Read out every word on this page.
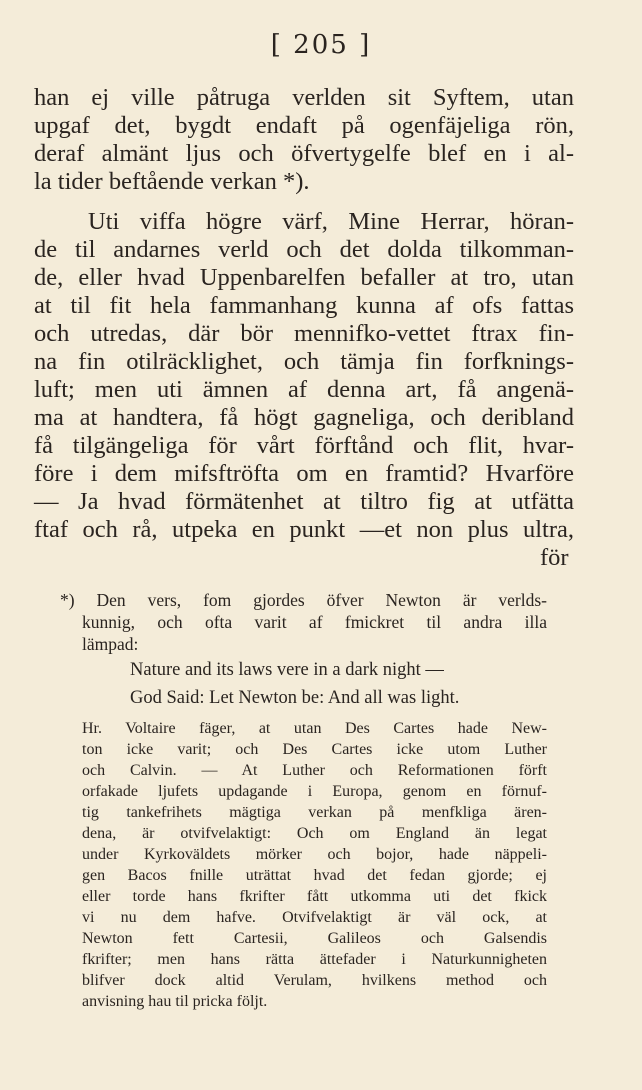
[ 205 ]

han ej ville påtruga verlden sit Syftem, utan

upgaf det, bygdt endaft på ogenfäjeliga rön,

deraf almänt ljus och öfvertygelfe blef en i al-

la tider beftående verkan *).

Uti viffa högre värf, Mine Herrar, höran-

de til andarnes verld och det dolda tilkomman-

de, eller hvad Uppenbarelfen befaller at tro, utan

at til fit hela fammanhang kunna af ofs fattas

och utredas, där bör mennifko-vettet ftrax fin-

na fin otilräcklighet, och tämja fin forfknings-

luft; men uti ämnen af denna art, få angenä-

ma at handtera, få högt gagneliga, och deribland

få tilgängeliga för vårt förftånd och flit, hvar-

före i dem mifsftröfta om en framtid? Hvarföre

— Ja hvad förmätenhet at tiltro fig at utfätta

ftaf och rå, utpeka en punkt —et non plus ultra,

för

*) Den vers, fom gjordes öfver Newton är verlds-

kunnig, och ofta varit af fmickret til andra illa

lämpad:

Nature and its laws vere in a dark night —

God Said: Let Newton be: And all was light.

Hr. Voltaire fäger, at utan Des Cartes hade New-

ton icke varit; och Des Cartes icke utom Luther

och Calvin. — At Luther och Reformationen förft

orfakade ljufets updagande i Europa, genom en förnuf-

tig tankefrihets mägtiga verkan på menfkliga ären-

dena, är otvifvelaktigt: Och om England än legat

under Kyrkoväldets mörker och bojor, hade näppeli-

gen Bacos fnille uträttat hvad det fedan gjorde; ej

eller torde hans fkrifter fått utkomma uti det fkick

vi nu dem hafve. Otvifvelaktigt är väl ock, at

Newton fett Cartesii, Galileos och Galsendis

fkrifter; men hans rätta ättefader i Naturkunnigheten

blifver dock altid Verulam, hvilkens method och

anvisning hau til pricka följt.
